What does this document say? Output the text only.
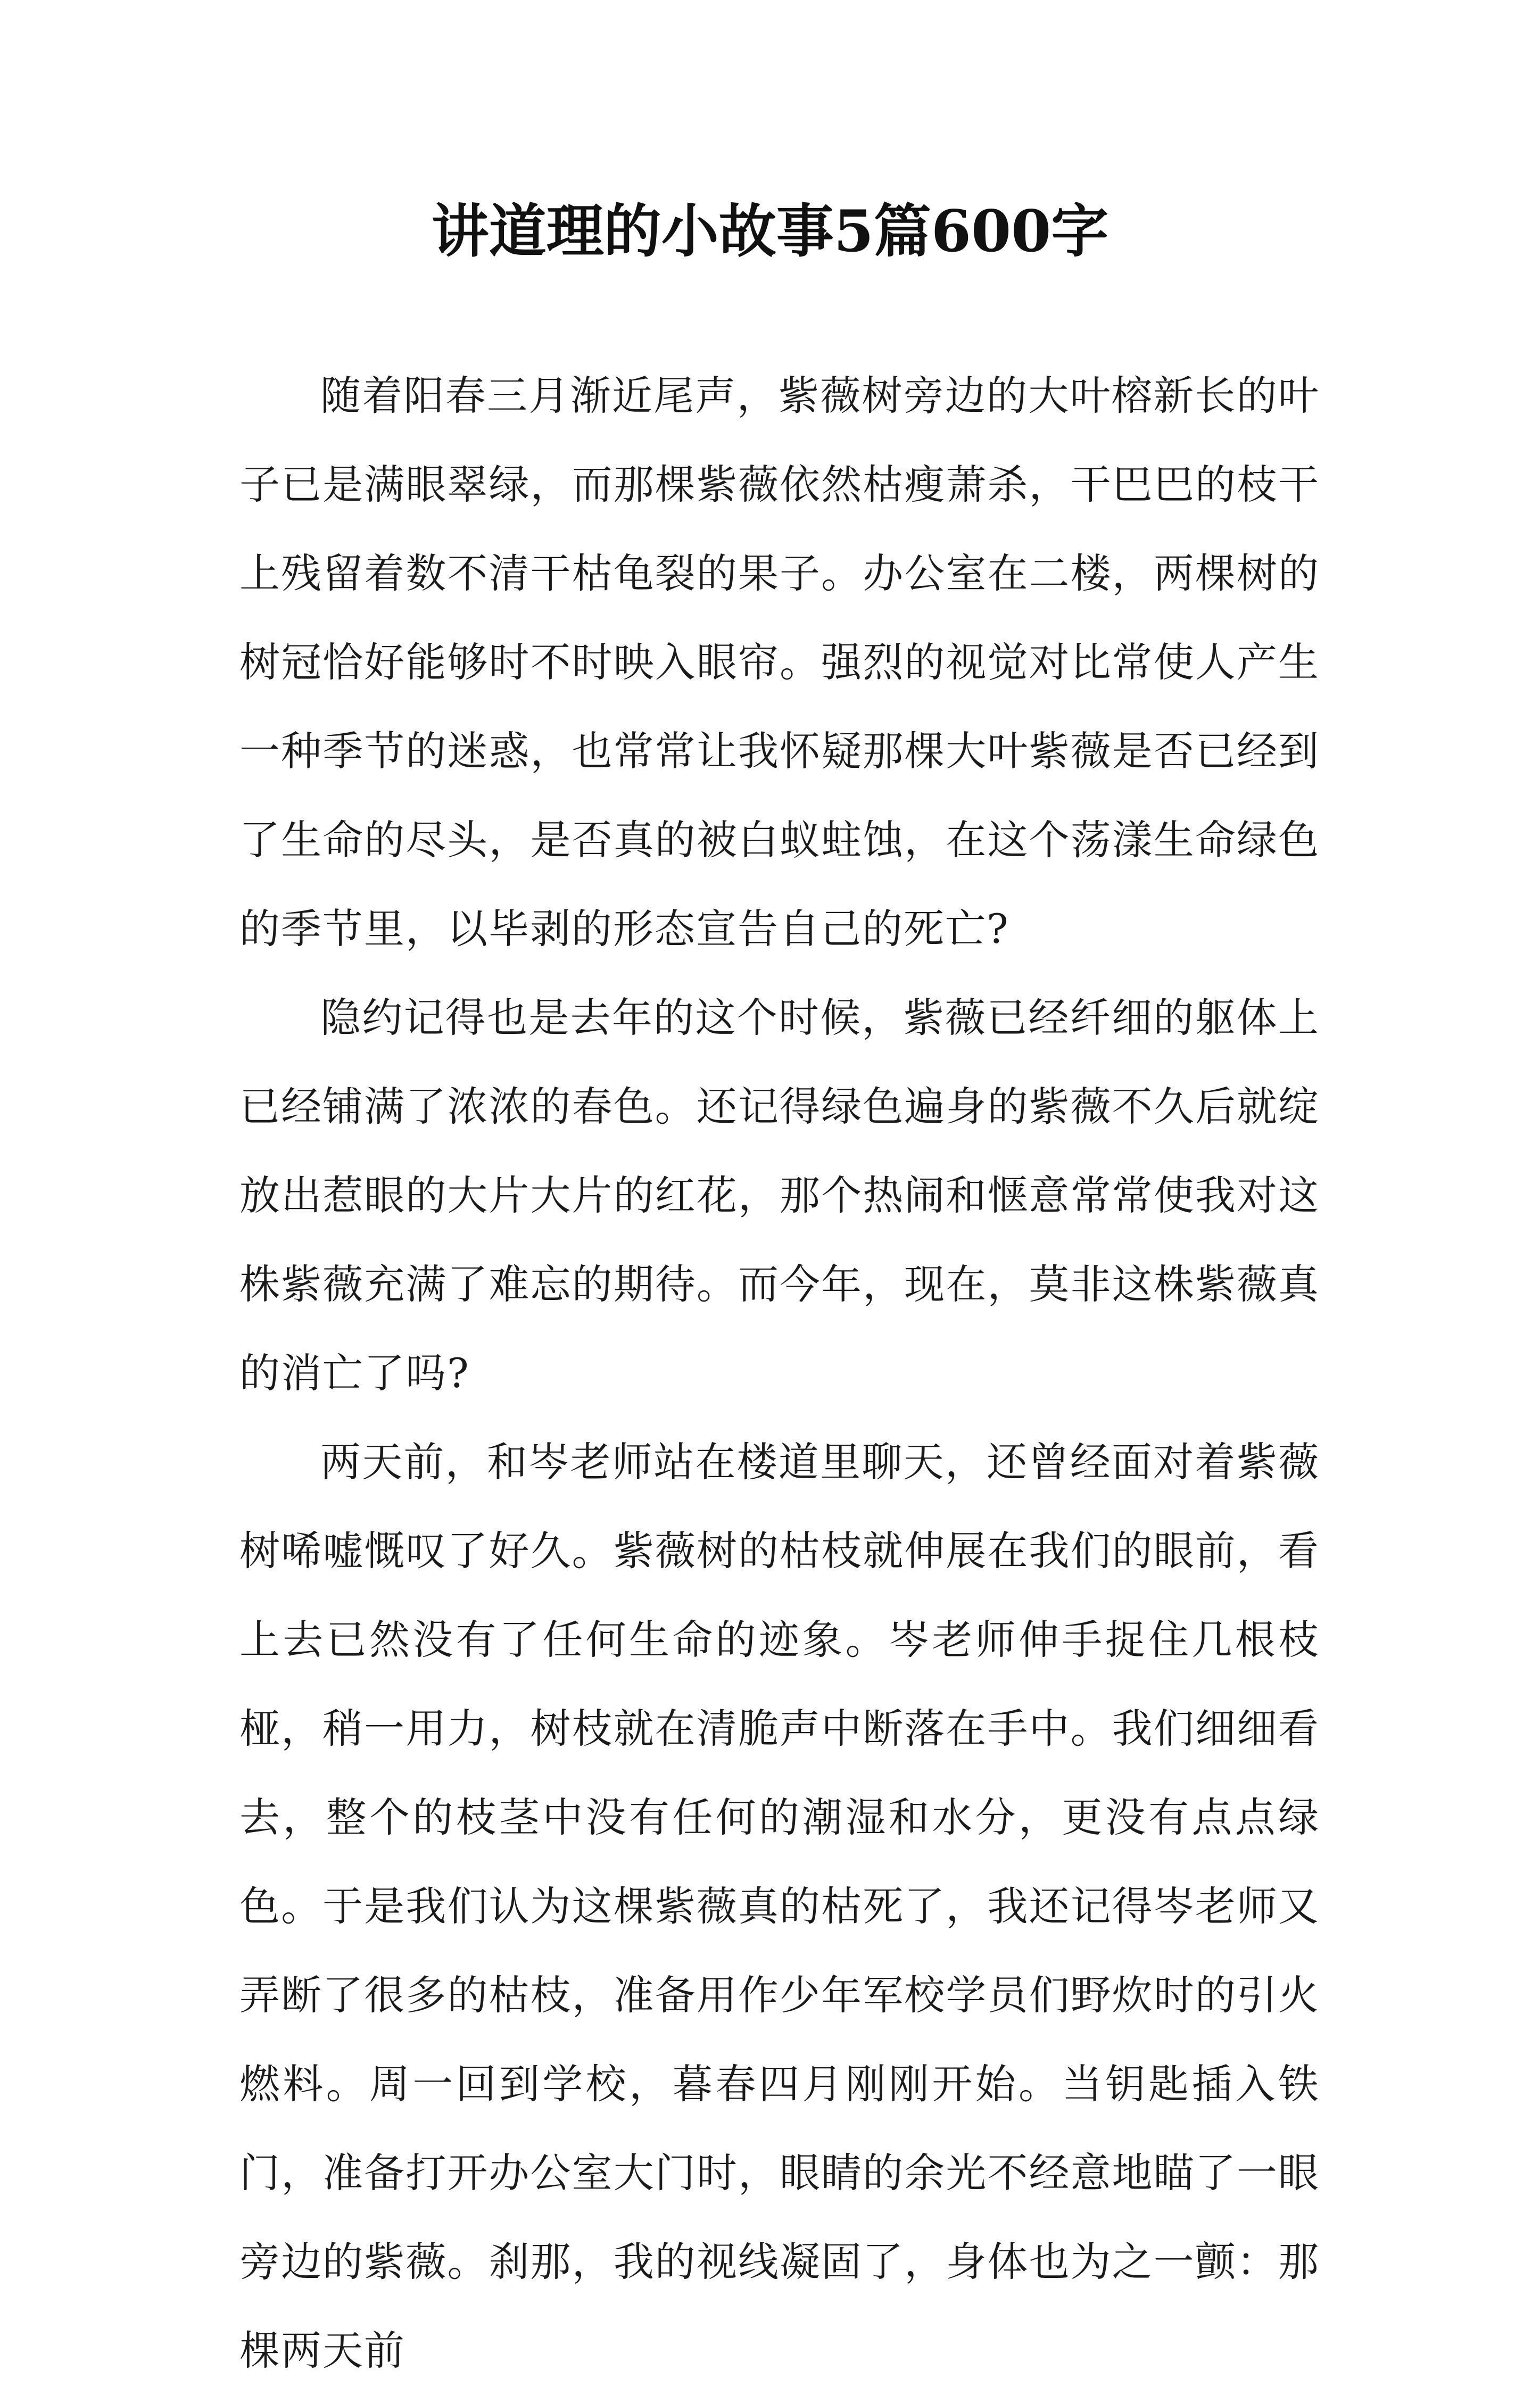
讲道理的小故事5篇600字

随着阳春三月渐近尾声，紫薇树旁边的大叶榕新长的叶子已是满眼翠绿，而那棵紫薇依然枯瘦萧杀，干巴巴的枝干上残留着数不清干枯龟裂的果子。办公室在二楼，两棵树的树冠恰好能够时不时映入眼帘。强烈的视觉对比常使人产生一种季节的迷惑，也常常让我怀疑那棵大叶紫薇是否已经到了生命的尽头，是否真的被白蚁蛀蚀，在这个荡漾生命绿色的季节里，以毕剥的形态宣告自己的死亡?

隐约记得也是去年的这个时候，紫薇已经纤细的躯体上已经铺满了浓浓的春色。还记得绿色遍身的紫薇不久后就绽放出惹眼的大片大片的红花，那个热闹和惬意常常使我对这株紫薇充满了难忘的期待。而今年，现在，莫非这株紫薇真的消亡了吗?

两天前，和岑老师站在楼道里聊天，还曾经面对着紫薇树唏嘘慨叹了好久。紫薇树的枯枝就伸展在我们的眼前，看上去已然没有了任何生命的迹象。岑老师伸手捉住几根枝桠，稍一用力，树枝就在清脆声中断落在手中。我们细细看去，整个的枝茎中没有任何的潮湿和水分，更没有点点绿色。于是我们认为这棵紫薇真的枯死了，我还记得岑老师又弄断了很多的枯枝，准备用作少年军校学员们野炊时的引火燃料。周一回到学校，暮春四月刚刚开始。当钥匙插入铁门，准备打开办公室大门时，眼睛的余光不经意地瞄了一眼旁边的紫薇。刹那，我的视线凝固了，身体也为之一颤：那棵两天前
